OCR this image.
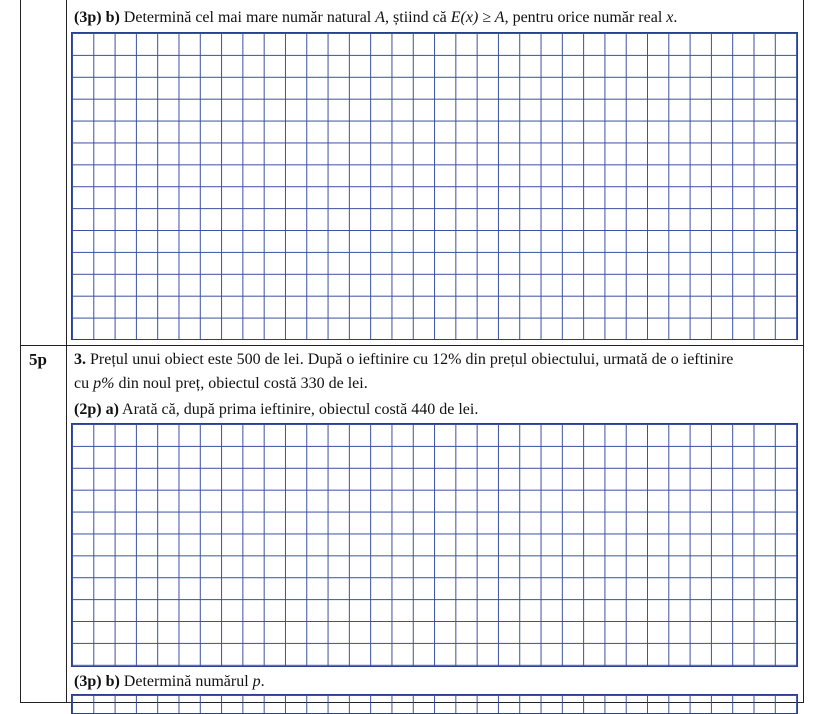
(3p) b) Determină cel mai mare număr natural A, știind că E(x) ≥ A, pentru orice număr real x.
5p 3. Prețul unui obiect este 500 de lei. După o ieftinire cu 12% din prețul obiectului, urmată de o ieftinire
cu p% din noul preț, obiectul costă 330 de lei.
(2p) a) Arată că, după prima ieftinire, obiectul costă 440 de lei.
(3p) b) Determină numărul p.
